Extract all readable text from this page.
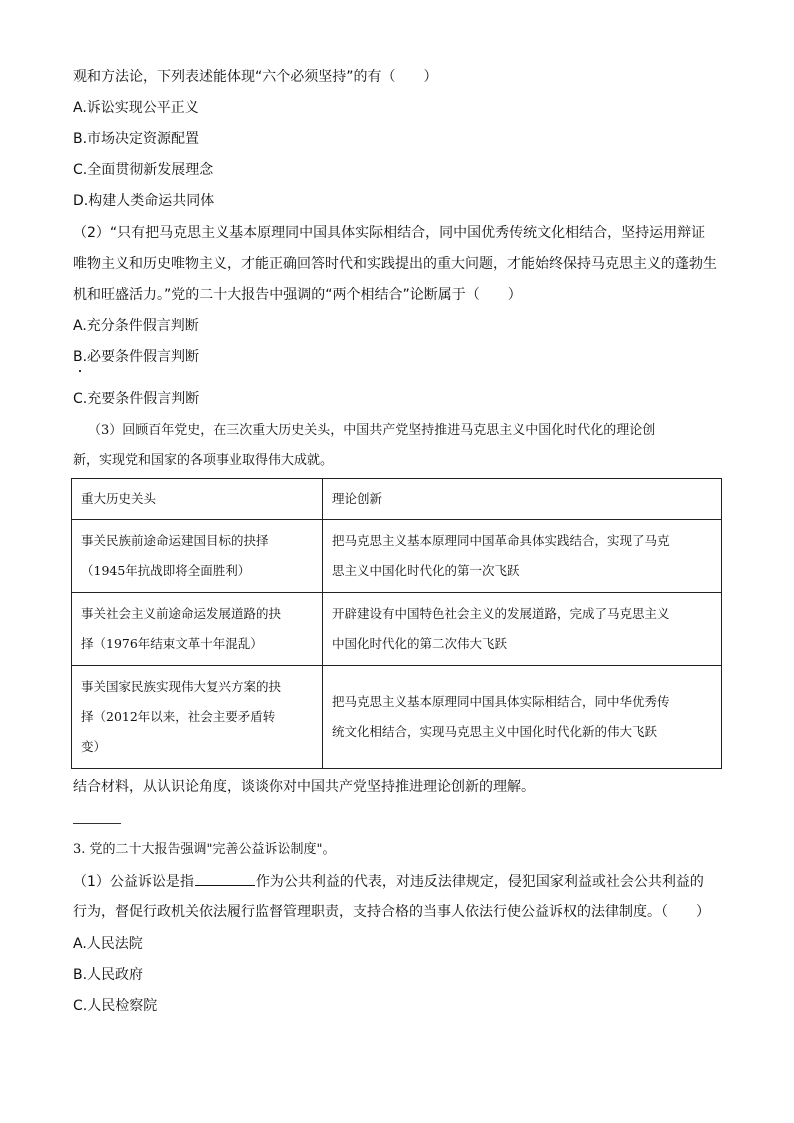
观和方法论，下列表述能体现“六个必须坚持”的有（　　）
A.诉讼实现公平正义
B.市场决定资源配置
C.全面贯彻新发展理念
D.构建人类命运共同体
（2）“只有把马克思主义基本原理同中国具体实际相结合，同中国优秀传统文化相结合，坚持运用辩证
唯物主义和历史唯物主义，才能正确回答时代和实践提出的重大问题，才能始终保持马克思主义的蓬勃生
机和旺盛活力。”党的二十大报告中强调的“两个相结合”论断属于（　　）
A.充分条件假言判断
B.必要条件假言判断
C.充要条件假言判断
（3）回顾百年党史，在三次重大历史关头，中国共产党坚持推进马克思主义中国化时代化的理论创
新，实现党和国家的各项事业取得伟大成就。
重大历史关头	理论创新

事关民族前途命运建国目标的抉择
（1945年抗战即将全面胜利）	把马克思主义基本原理同中国革命具体实践结合，实现了马克
思主义中国化时代化的第一次飞跃

事关社会主义前途命运发展道路的抉
择（1976年结束文革十年混乱）	开辟建设有中国特色社会主义的发展道路，完成了马克思主义
中国化时代化的第二次伟大飞跃

事关国家民族实现伟大复兴方案的抉
择（2012年以来，社会主要矛盾转
变）	把马克思主义基本原理同中国具体实际相结合，同中华优秀传
统文化相结合，实现马克思主义中国化时代化新的伟大飞跃
结合材料，从认识论角度，谈谈你对中国共产党坚持推进理论创新的理解。
3. 党的二十大报告强调"完善公益诉讼制度"。
（1）公益诉讼是指	作为公共利益的代表，对违反法律规定，侵犯国家利益或社会公共利益的
行为，督促行政机关依法履行监督管理职责，支持合格的当事人依法行使公益诉权的法律制度。（　　）
A.人民法院
B.人民政府
C.人民检察院
